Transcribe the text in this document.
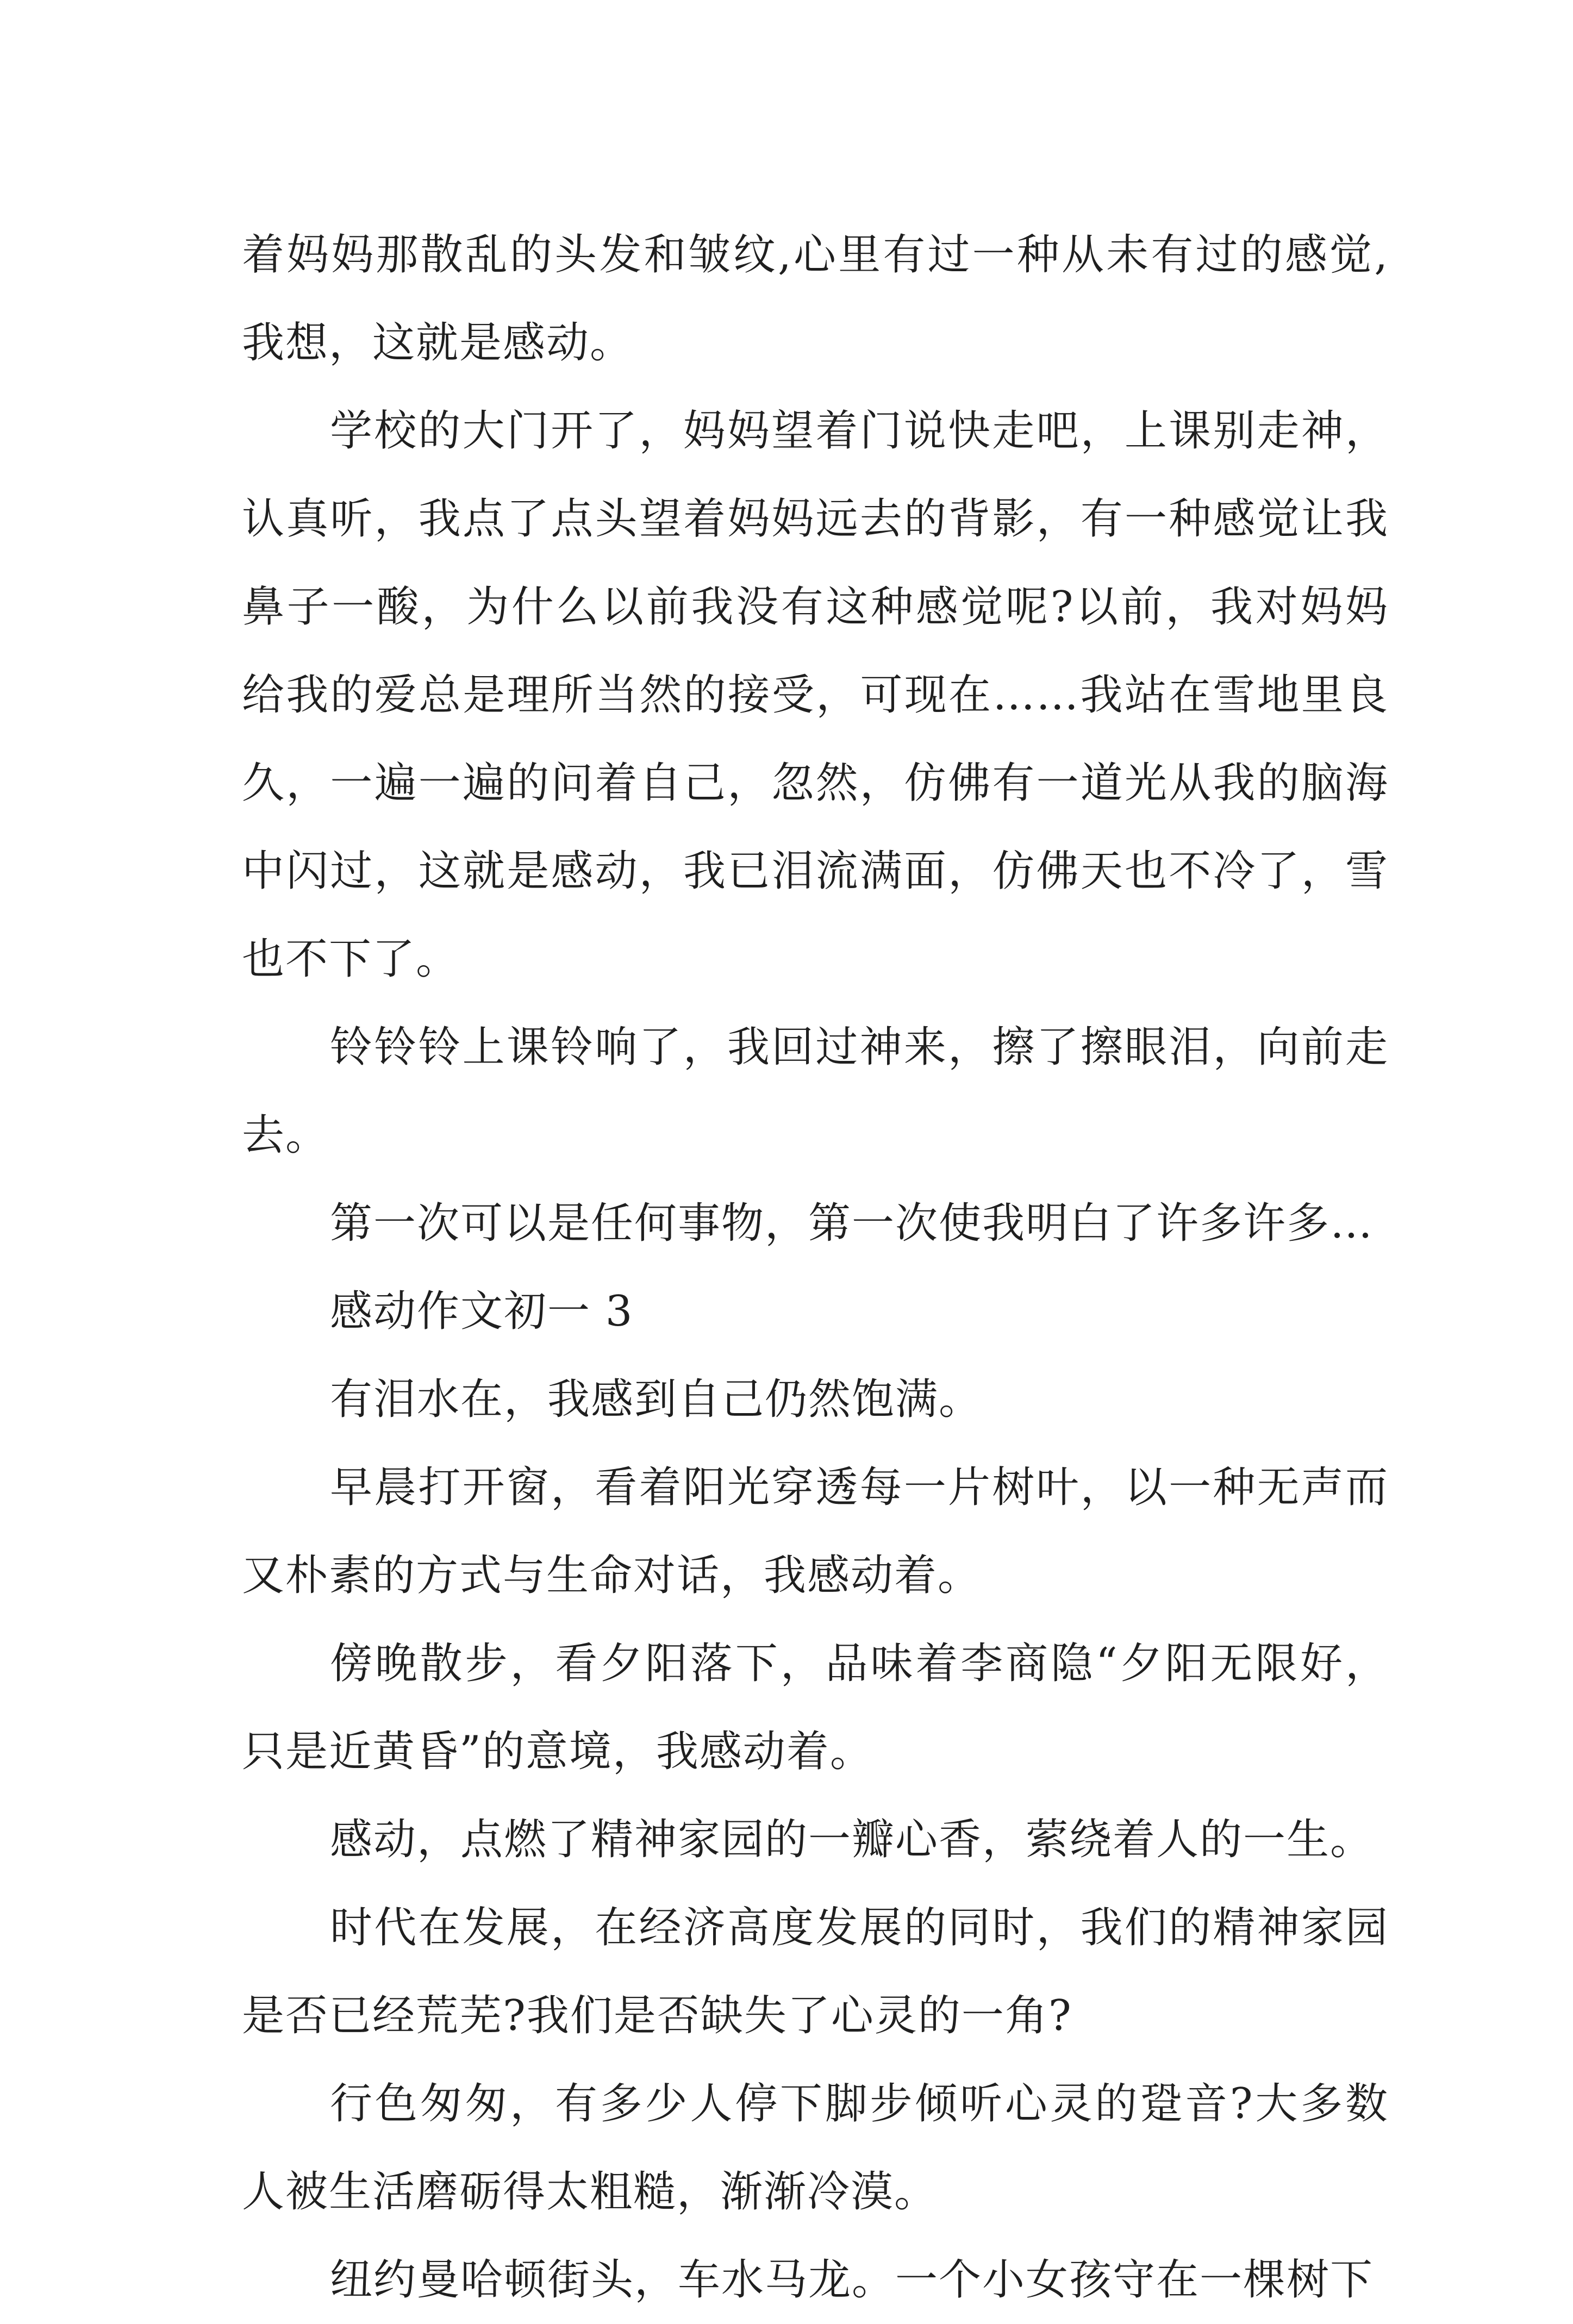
着妈妈那散乱的头发和皱纹,心里有过一种从未有过的感觉,我想，这就是感动。

学校的大门开了，妈妈望着门说快走吧，上课别走神，认真听，我点了点头望着妈妈远去的背影，有一种感觉让我鼻子一酸，为什么以前我没有这种感觉呢?以前，我对妈妈给我的爱总是理所当然的接受，可现在……我站在雪地里良久，一遍一遍的问着自己，忽然，仿佛有一道光从我的脑海中闪过，这就是感动，我已泪流满面，仿佛天也不冷了，雪也不下了。

铃铃铃上课铃响了，我回过神来，擦了擦眼泪，向前走去。

第一次可以是任何事物，第一次使我明白了许多许多…

感动作文初一 3

有泪水在，我感到自己仍然饱满。

早晨打开窗，看着阳光穿透每一片树叶，以一种无声而又朴素的方式与生命对话，我感动着。

傍晚散步，看夕阳落下，品味着李商隐“夕阳无限好，只是近黄昏”的意境，我感动着。

感动，点燃了精神家园的一瓣心香，萦绕着人的一生。

时代在发展，在经济高度发展的同时，我们的精神家园是否已经荒芜?我们是否缺失了心灵的一角?

行色匆匆，有多少人停下脚步倾听心灵的跫音?大多数人被生活磨砺得太粗糙，渐渐冷漠。

纽约曼哈顿街头，车水马龙。一个小女孩守在一棵树下
